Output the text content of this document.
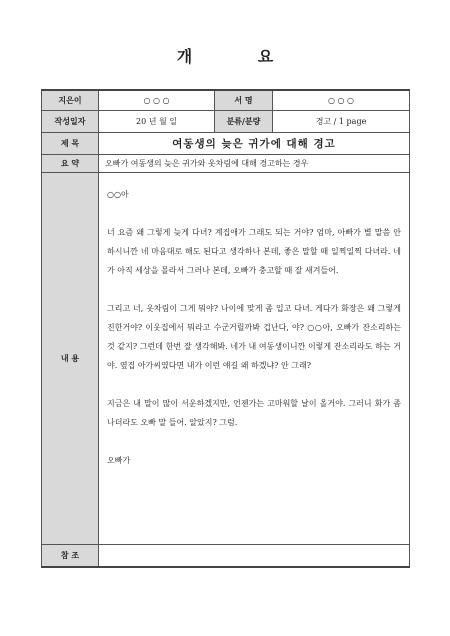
개 요
지은이	○ ○ ○	서 명	○ ○ ○
작성일자	20 년 월 일	분류/분량	경고 / 1 page
제 목	여동생의 늦은 귀가에 대해 경고		
요 약	오빠가 여동생의 늦은 귀가와 옷차림에 대해 경고하는 경우		
내 용	○○아

너 요즘 왜 그렇게 늦게 다녀? 계집애가 그래도 되는 거야? 엄마, 아빠가 별 말씀 안 하시니깐 네 마음대로 해도 된다고 생각하나 본데, 좋은 말할 때 일찍일찍 다녀라. 네가 아직 세상을 몰라서 그러나 본데, 오빠가 충고할 때 잘 새겨들어.

그리고 너, 옷차림이 그게 뭐야? 나이에 맞게 좀 입고 다녀. 게다가 화장은 왜 그렇게 진한거야? 이웃집에서 뭐라고 수군거릴까봐 겁난다, 야? ○○아, 오빠가 잔소리하는 것 같지? 그런데 한번 잘 생각해봐. 네가 내 여동생이니깐 이렇게 잔소리라도 하는 거야. 옆집 아가씨였다면 내가 이런 얘길 왜 하겠냐? 안 그래?

지금은 내 말이 많이 서운하겠지만, 언젠가는 고마워할 날이 올거야. 그러니 화가 좀 나더라도 오빠 말 들어. 알았지? 그럼.

오빠가		

참 조			
